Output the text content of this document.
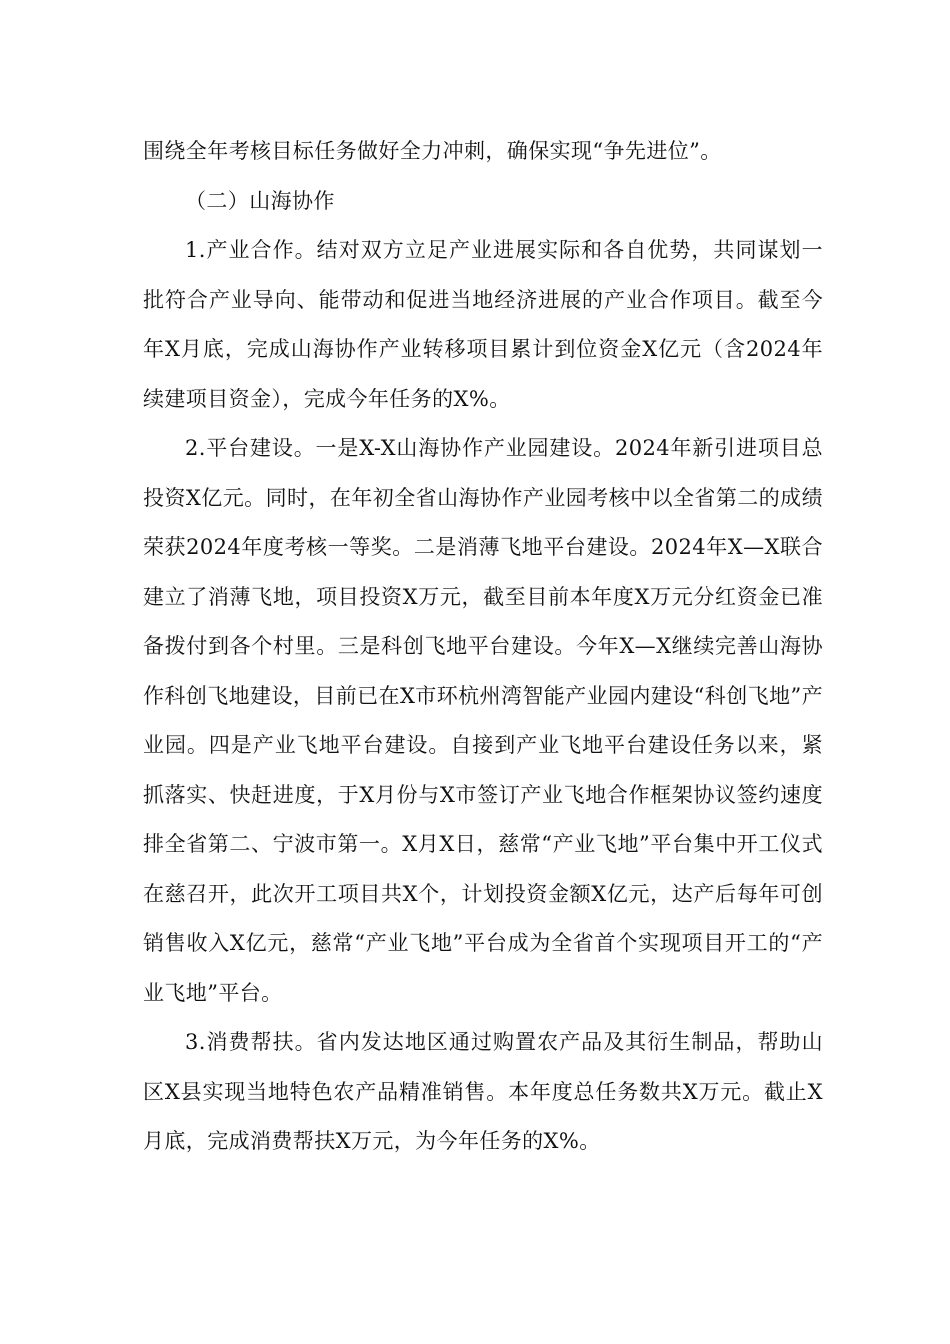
围绕全年考核目标任务做好全力冲刺，确保实现“争先进位”。

（二）山海协作

1.产业合作。结对双方立足产业进展实际和各自优势，共同谋划一批符合产业导向、能带动和促进当地经济进展的产业合作项目。截至今年X月底，完成山海协作产业转移项目累计到位资金X亿元（含2024年续建项目资金），完成今年任务的X%。

2.平台建设。一是X-X山海协作产业园建设。2024年新引进项目总投资X亿元。同时，在年初全省山海协作产业园考核中以全省第二的成绩荣获2024年度考核一等奖。二是消薄飞地平台建设。2024年X—X联合建立了消薄飞地，项目投资X万元，截至目前本年度X万元分红资金已准备拨付到各个村里。三是科创飞地平台建设。今年X—X继续完善山海协作科创飞地建设，目前已在X市环杭州湾智能产业园内建设“科创飞地”产业园。四是产业飞地平台建设。自接到产业飞地平台建设任务以来，紧抓落实、快赶进度，于X月份与X市签订产业飞地合作框架协议签约速度排全省第二、宁波市第一。X月X日，慈常“产业飞地”平台集中开工仪式在慈召开，此次开工项目共X个，计划投资金额X亿元，达产后每年可创销售收入X亿元，慈常“产业飞地”平台成为全省首个实现项目开工的“产业飞地”平台。

3.消费帮扶。省内发达地区通过购置农产品及其衍生制品，帮助山区X县实现当地特色农产品精准销售。本年度总任务数共X万元。截止X月底，完成消费帮扶X万元，为今年任务的X%。
